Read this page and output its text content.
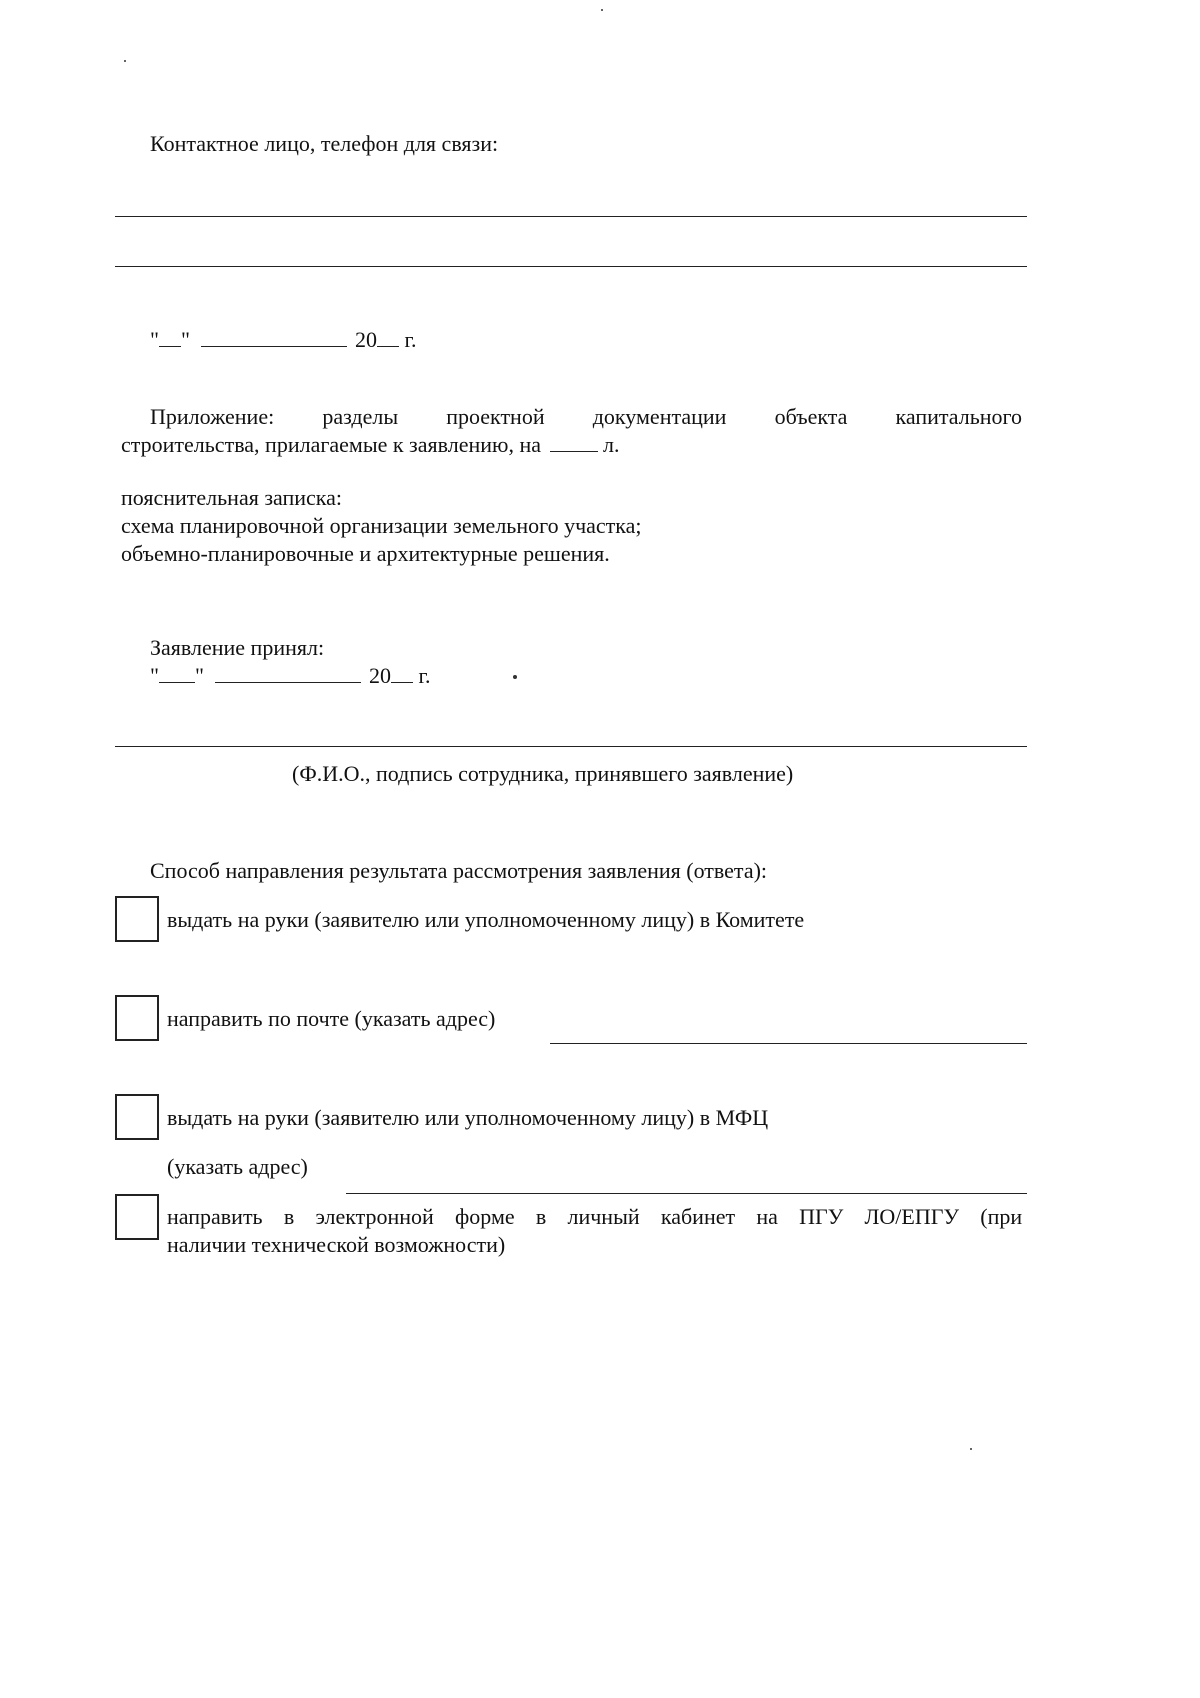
Контактное лицо, телефон для связи:
" "	20 г.
Приложение: разделы проектной документации объекта капитального
строительства, прилагаемые к заявлению, на	л.
пояснительная записка:
схема планировочной организации земельного участка;
объемно-планировочные и архитектурные решения.
Заявление принял:
" "	20 г.
(Ф.И.О., подпись сотрудника, принявшего заявление)
Способ направления результата рассмотрения заявления (ответа):
выдать на руки (заявителю или уполномоченному лицу) в Комитете
направить по почте (указать адрес)
выдать на руки (заявителю или уполномоченному лицу) в МФЦ
(указать адрес)
направить в электронной форме в личный кабинет на ПГУ ЛО/ЕПГУ (при
наличии технической возможности)
